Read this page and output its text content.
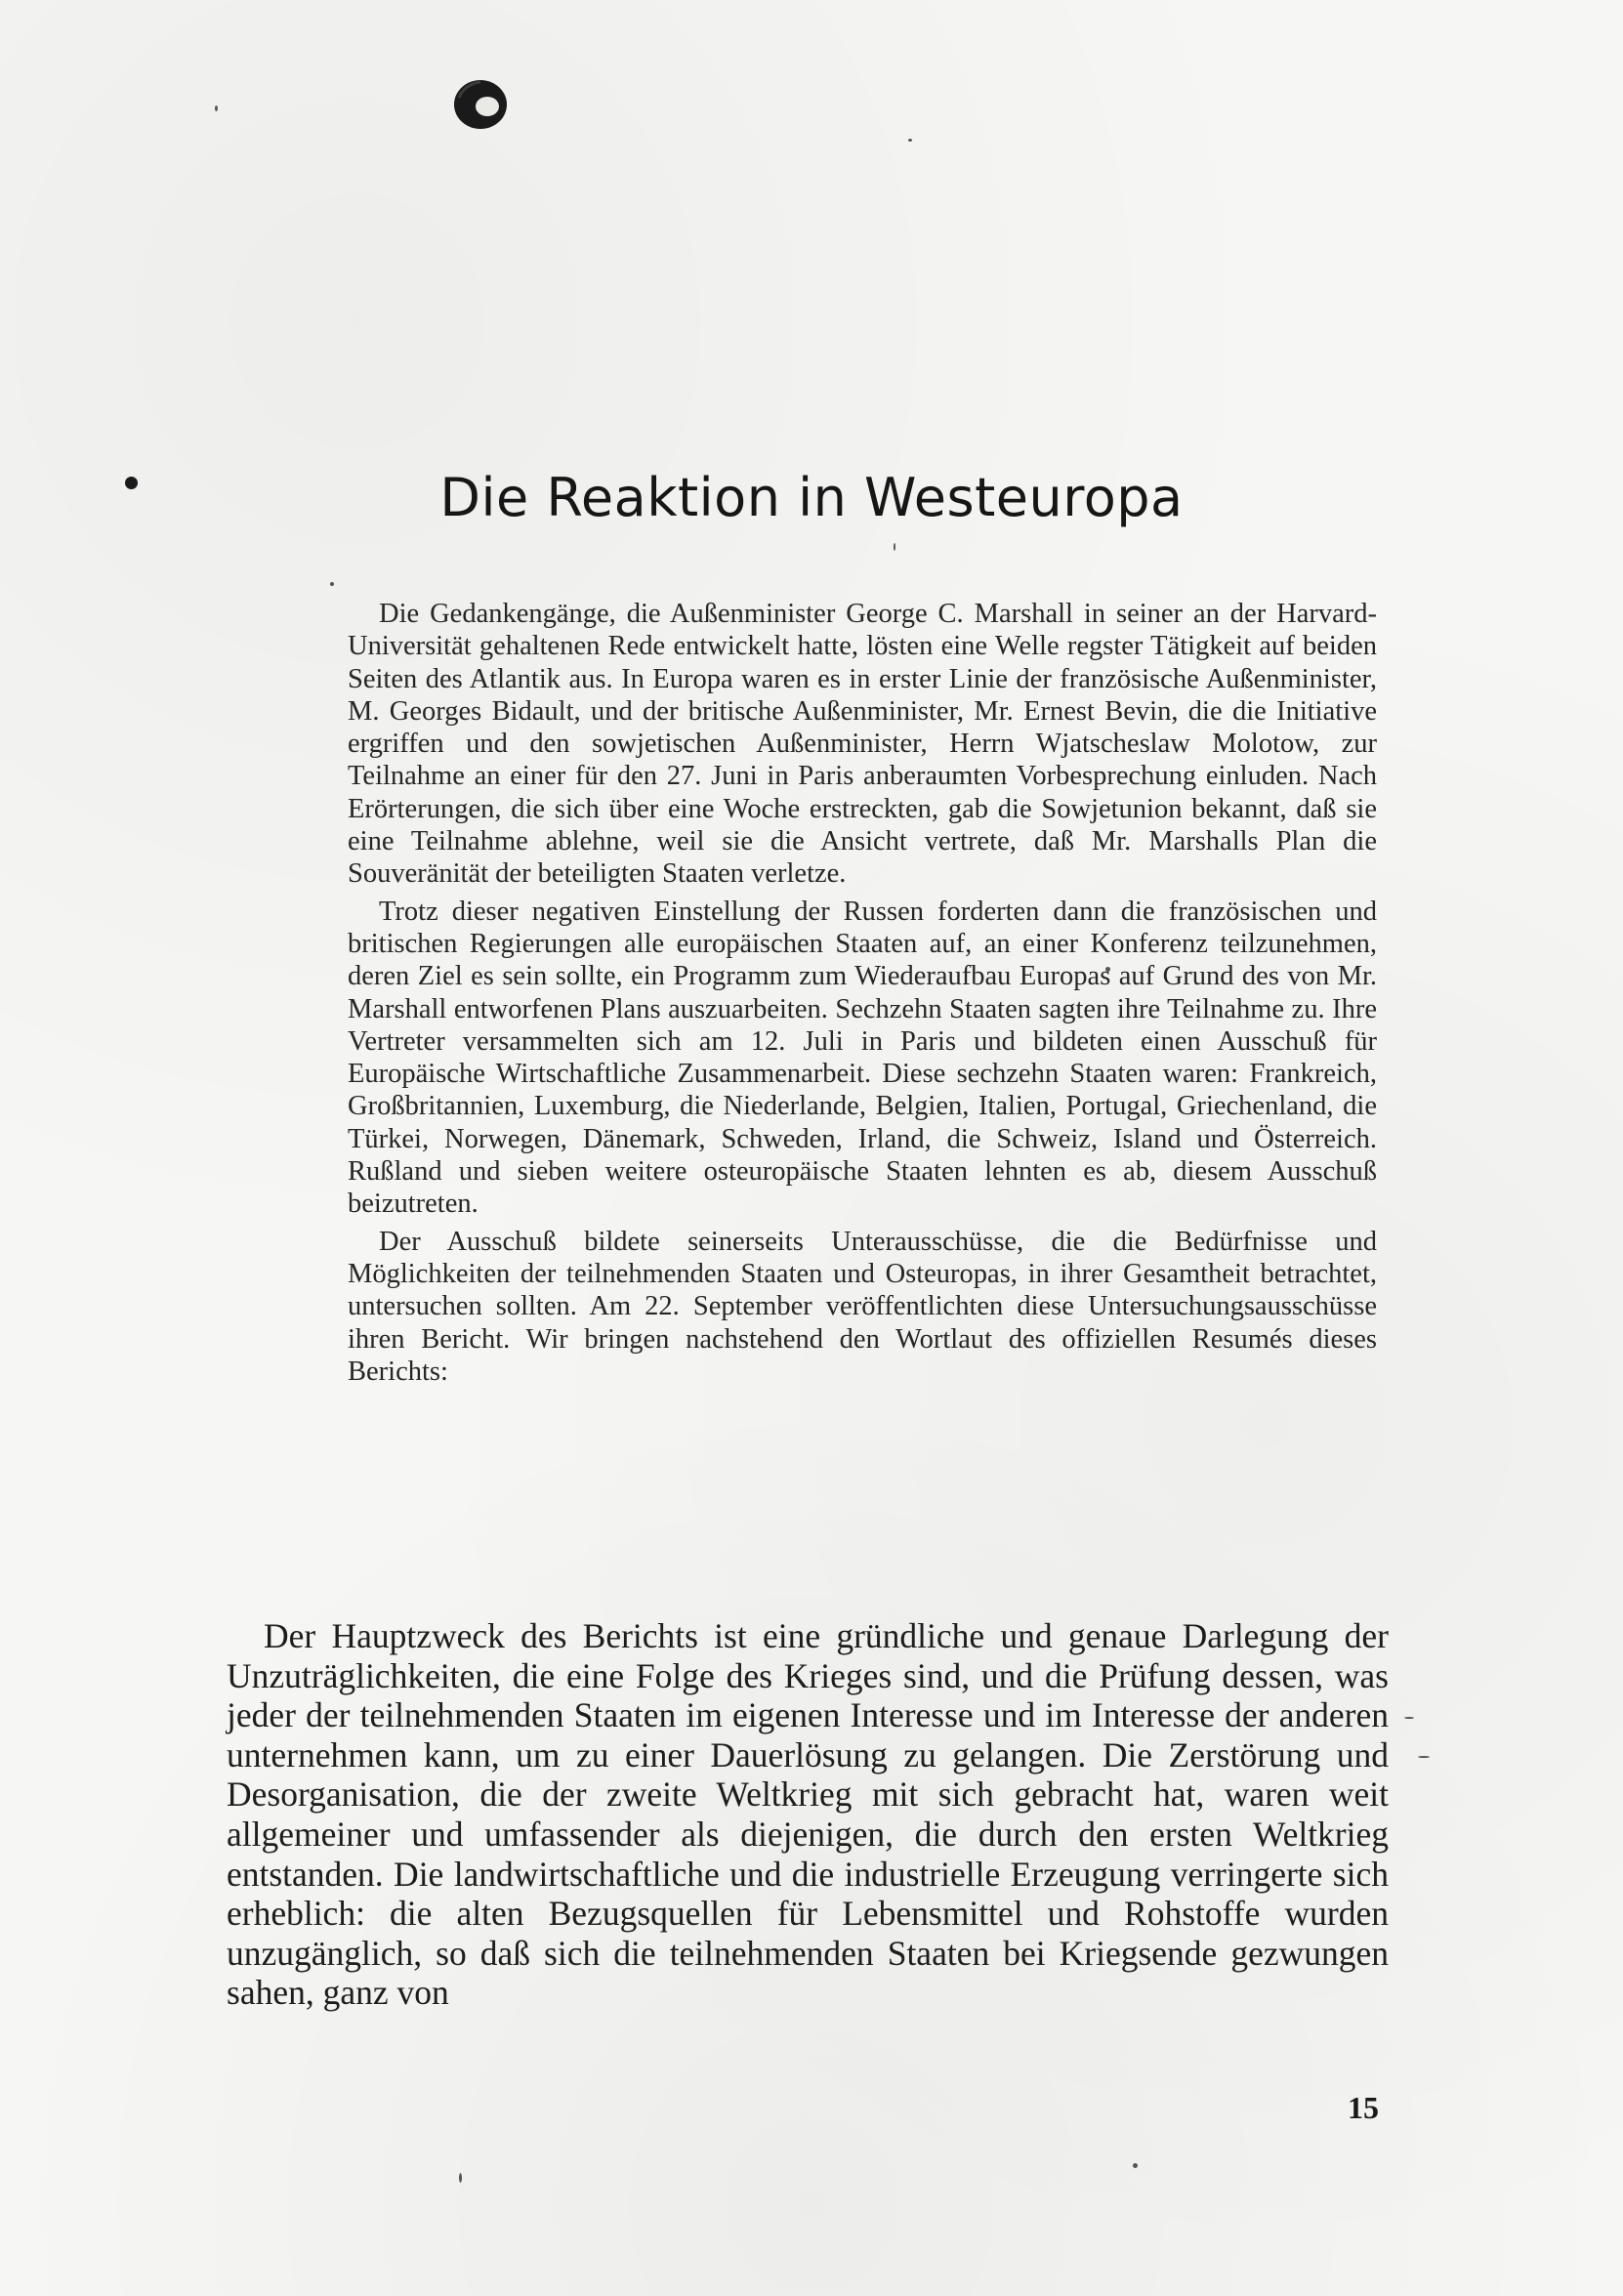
Die Reaktion in Westeuropa

Die Gedankengänge, die Außenminister George C. Marshall in seiner an der Harvard-Universität gehaltenen Rede entwickelt hatte, lösten eine Welle regster Tätigkeit auf beiden Seiten des Atlantik aus. In Europa waren es in erster Linie der französische Außenminister, M. Georges Bidault, und der britische Außenminister, Mr. Ernest Bevin, die die Initiative ergriffen und den sowjetischen Außenminister, Herrn Wjatscheslaw Molotow, zur Teilnahme an einer für den 27. Juni in Paris anberaumten Vorbesprechung einluden. Nach Erörterungen, die sich über eine Woche erstreckten, gab die Sowjetunion bekannt, daß sie eine Teilnahme ablehne, weil sie die Ansicht vertrete, daß Mr. Marshalls Plan die Souveränität der beteiligten Staaten verletze.

Trotz dieser negativen Einstellung der Russen forderten dann die französischen und britischen Regierungen alle europäischen Staaten auf, an einer Konferenz teilzunehmen, deren Ziel es sein sollte, ein Programm zum Wiederaufbau Europas auf Grund des von Mr. Marshall entworfenen Plans auszuarbeiten. Sechzehn Staaten sagten ihre Teilnahme zu. Ihre Vertreter versammelten sich am 12. Juli in Paris und bildeten einen Ausschuß für Europäische Wirtschaftliche Zusammenarbeit. Diese sechzehn Staaten waren: Frankreich, Großbritannien, Luxemburg, die Niederlande, Belgien, Italien, Portugal, Griechenland, die Türkei, Norwegen, Dänemark, Schweden, Irland, die Schweiz, Island und Österreich. Rußland und sieben weitere osteuropäische Staaten lehnten es ab, diesem Ausschuß beizutreten.

Der Ausschuß bildete seinerseits Unterausschüsse, die die Bedürfnisse und Möglichkeiten der teilnehmenden Staaten und Osteuropas, in ihrer Gesamtheit betrachtet, untersuchen sollten. Am 22. September veröffentlichten diese Untersuchungsausschüsse ihren Bericht. Wir bringen nachstehend den Wortlaut des offiziellen Resumés dieses Berichts:

Der Hauptzweck des Berichts ist eine gründliche und genaue Darlegung der Unzuträglichkeiten, die eine Folge des Krieges sind, und die Prüfung dessen, was jeder der teilnehmenden Staaten im eigenen Interesse und im Interesse der anderen unternehmen kann, um zu einer Dauerlösung zu gelangen. Die Zerstörung und Desorganisation, die der zweite Weltkrieg mit sich gebracht hat, waren weit allgemeiner und umfassender als diejenigen, die durch den ersten Weltkrieg entstanden. Die landwirtschaftliche und die industrielle Erzeugung verringerte sich erheblich: die alten Bezugsquellen für Lebensmittel und Rohstoffe wurden unzugänglich, so daß sich die teilnehmenden Staaten bei Kriegsende gezwungen sahen, ganz von

15
